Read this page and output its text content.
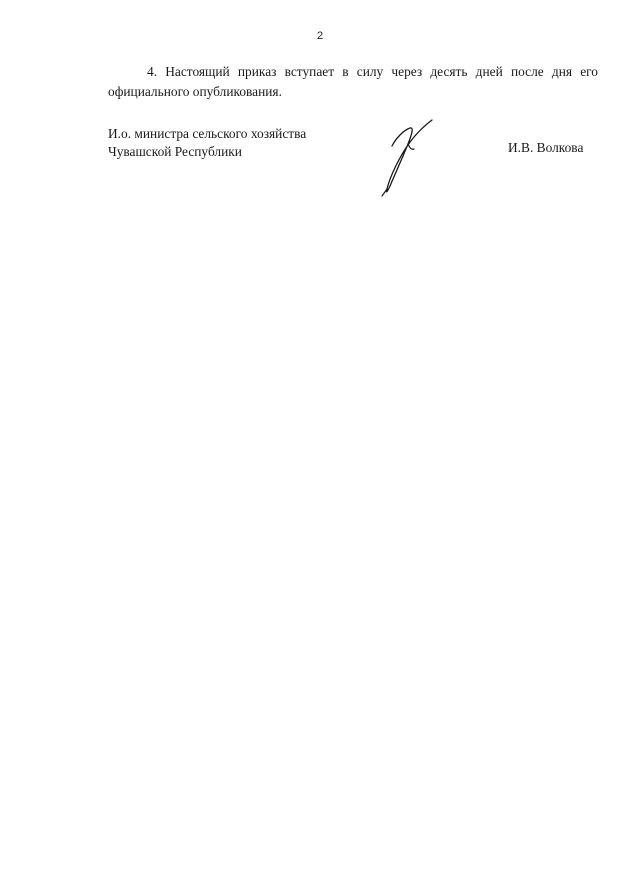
2

4. Настоящий приказ вступает в силу через десять дней после дня его официального опубликования.

И.о. министра сельского хозяйства
Чувашской Республики	И.В. Волкова
